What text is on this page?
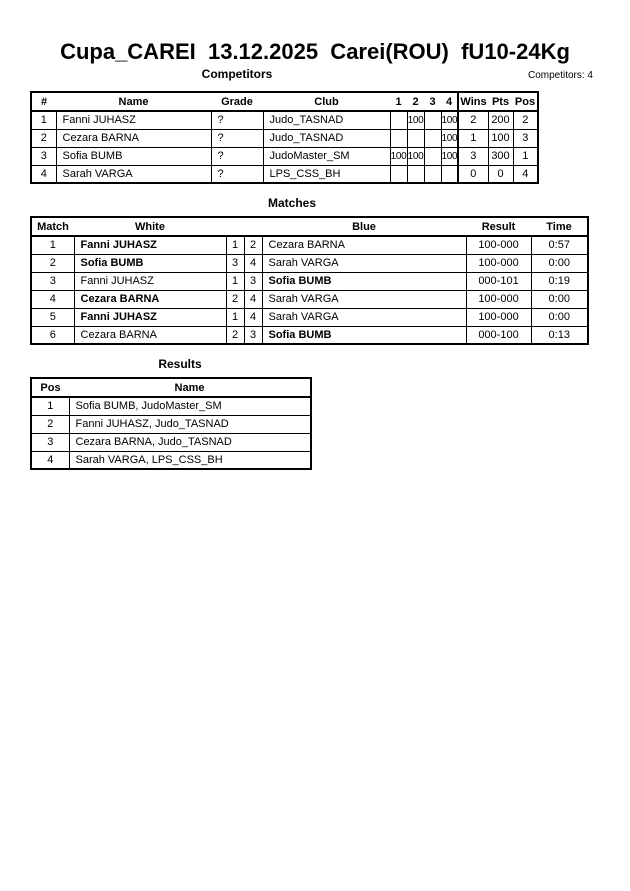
Cupa_CAREI  13.12.2025  Carei(ROU)  fU10-24Kg
Competitors	Competitors: 4
#	Name	Grade	Club	1	2	3	4	Wins	Pts	Pos
1	Fanni JUHASZ	?	Judo_TASNAD		100		100	2	200	2
2	Cezara BARNA	?	Judo_TASNAD				100	1	100	3
3	Sofia BUMB	?	JudoMaster_SM	100	100		100	3	300	1
4	Sarah VARGA	?	LPS_CSS_BH					0	0	4
Matches
Match	White			Blue	Result	Time
1	Fanni JUHASZ	1	2	Cezara BARNA	100-000	0:57
2	Sofia BUMB	3	4	Sarah VARGA	100-000	0:00
3	Fanni JUHASZ	1	3	Sofia BUMB	000-101	0:19
4	Cezara BARNA	2	4	Sarah VARGA	100-000	0:00
5	Fanni JUHASZ	1	4	Sarah VARGA	100-000	0:00
6	Cezara BARNA	2	3	Sofia BUMB	000-100	0:13
Results
Pos	Name
1	Sofia BUMB, JudoMaster_SM
2	Fanni JUHASZ, Judo_TASNAD
3	Cezara BARNA, Judo_TASNAD
4	Sarah VARGA, LPS_CSS_BH
